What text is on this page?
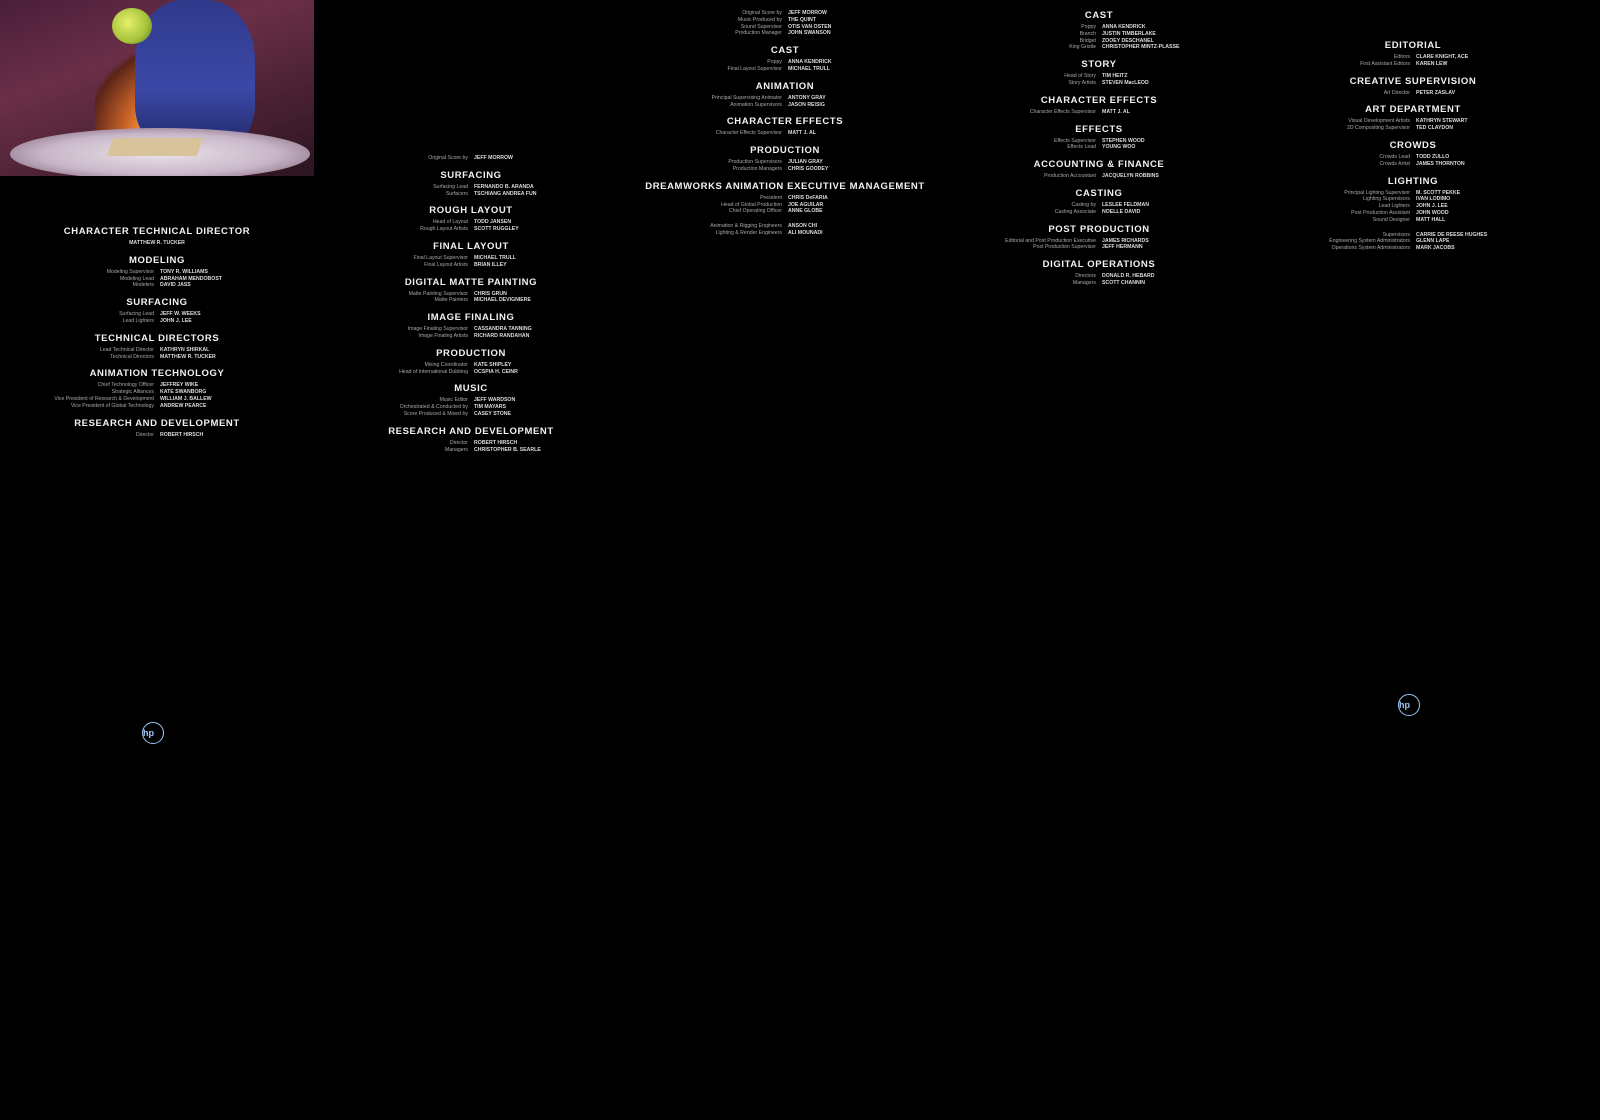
CHARACTER TECHNICAL DIRECTOR
MATTHEW R. TUCKER
MODELING
Modeling Supervisor	TONY R. WILLIAMS
Modeling Lead	ABRAHAM MENDOBOST
Modelers	DAVID JASS
SURFACING
Surfacing Lead	JEFF W. WEEKS
Lead Lighters	JOHN J. LEE
TECHNICAL DIRECTORS
Lead Technical Director	KATHRYN SHIRKAL
Technical Directors	MATTHEW R. TUCKER
ANIMATION TECHNOLOGY
Chief Technology Officer	JEFFREY WIKE
Strategic Alliances	KATE SWANBORG
Vice President of Research & Development	WILLIAM J. BALLEW
Vice President of Global Technology	ANDREW PEARCE
RESEARCH AND DEVELOPMENT
Director	ROBERT HIRSCH
Original Score by	JEFF MORROW
SURFACING
Surfacing Lead	FERNANDO B. ARANDA
Surfacers	TSCHIANG ANDREA FUN
ROUGH LAYOUT
Head of Layout	TODD JANSEN
Rough Layout Artists	SCOTT RUGGLEY
FINAL LAYOUT
Final Layout Supervisor	MICHAEL TRULL
Final Layout Artists	BRIAN ILLEY
DIGITAL MATTE PAINTING
Matte Painting Supervisor	CHRIS GRUN
Matte Painters	MICHAEL DEVIGNIERE
IMAGE FINALING
Image Finaling Supervisor	CASSANDRA TANNING
Image Finaling Artists	RICHARD RANDAHAN
PRODUCTION
Mixing Coordinator	KATE SHIPLEY
Head of International Dubbing	OCSPIA H. CEINR
MUSIC
Music Editor	JEFF WARDSON
Orchestrated & Conducted by	TIM MAYARS
Score Produced & Mixed by	CASEY STONE
RESEARCH AND DEVELOPMENT
Director	ROBERT HIRSCH
Managers	CHRISTOPHER B. SEARLE
Original Score by	JEFF MORROW
Music Produced by	THE QUINT
Sound Supervisor	OTIS VAN OSTEN
Production Manager	JOHN SWANSON
CAST
Poppy	ANNA KENDRICK
Final Layout Supervisor	MICHAEL TRULL
ANIMATION
Principal Supervising Animator	ANTONY GRAY
Animation Supervisors	JASON REISIG
CHARACTER EFFECTS
Character Effects Supervisor	MATT J. AL
PRODUCTION
Production Supervisors	JULIAN GRAY
Production Managers	CHRIS GOODEY
DREAMWORKS ANIMATION EXECUTIVE MANAGEMENT
President	CHRIS DeFARIA
Head of Global Production	JOE AGUILAR
Chief Operating Officer	ANNE GLOBE
Animation & Rigging Engineers	ANSON CHI
Lighting & Render Engineers	ALI MOUNADI
CAST
Poppy	ANNA KENDRICK
Branch	JUSTIN TIMBERLAKE
Bridget	ZOOEY DESCHANEL
King Gristle	CHRISTOPHER MINTZ-PLASSE
STORY
Head of Story	TIM HEITZ
Story Artists	STEVEN MacLEOD
CHARACTER EFFECTS
Character Effects Supervisor	MATT J. AL
EFFECTS
Effects Supervisor	STEPHEN WOOD
Effects Lead	YOUNG WOO
ACCOUNTING & FINANCE
Production Accountant	JACQUELYN ROBBINS
CASTING
Casting by	LESLEE FELDMAN
Casting Associate	NOELLE DAVID
POST PRODUCTION
Editorial and Post Production Executive	JAMES RICHARDS
Post Production Supervisor	JEFF HERMANN
DIGITAL OPERATIONS
Directors	DONALD R. HEBARD
Managers	SCOTT CHANNIN
EDITORIAL
Editors	CLARE KNIGHT, ACE
First Assistant Editors	KAREN LEW
CREATIVE SUPERVISION
Art Director	PETER ZASLAV
ART DEPARTMENT
Visual Development Artists	KATHRYN STEWART
2D Compositing Supervisor	TED CLAYDON
CROWDS
Crowds Lead	TODD ZULLO
Crowds Artist	JAMES THORNTON
LIGHTING
Principal Lighting Supervisor	M. SCOTT PEKKE
Lighting Supervisors	IVAN LODIMO
Lead Lighters	JOHN J. LEE
Post Production Assistant	JOHN WOOD
Sound Designer	MATT HALL
Supervisors	CARRIE DE REESE HUGHES
Engineering System Administrators	GLENN LAPE
Operations System Administrators	MARK JACOBS
hp
hp
